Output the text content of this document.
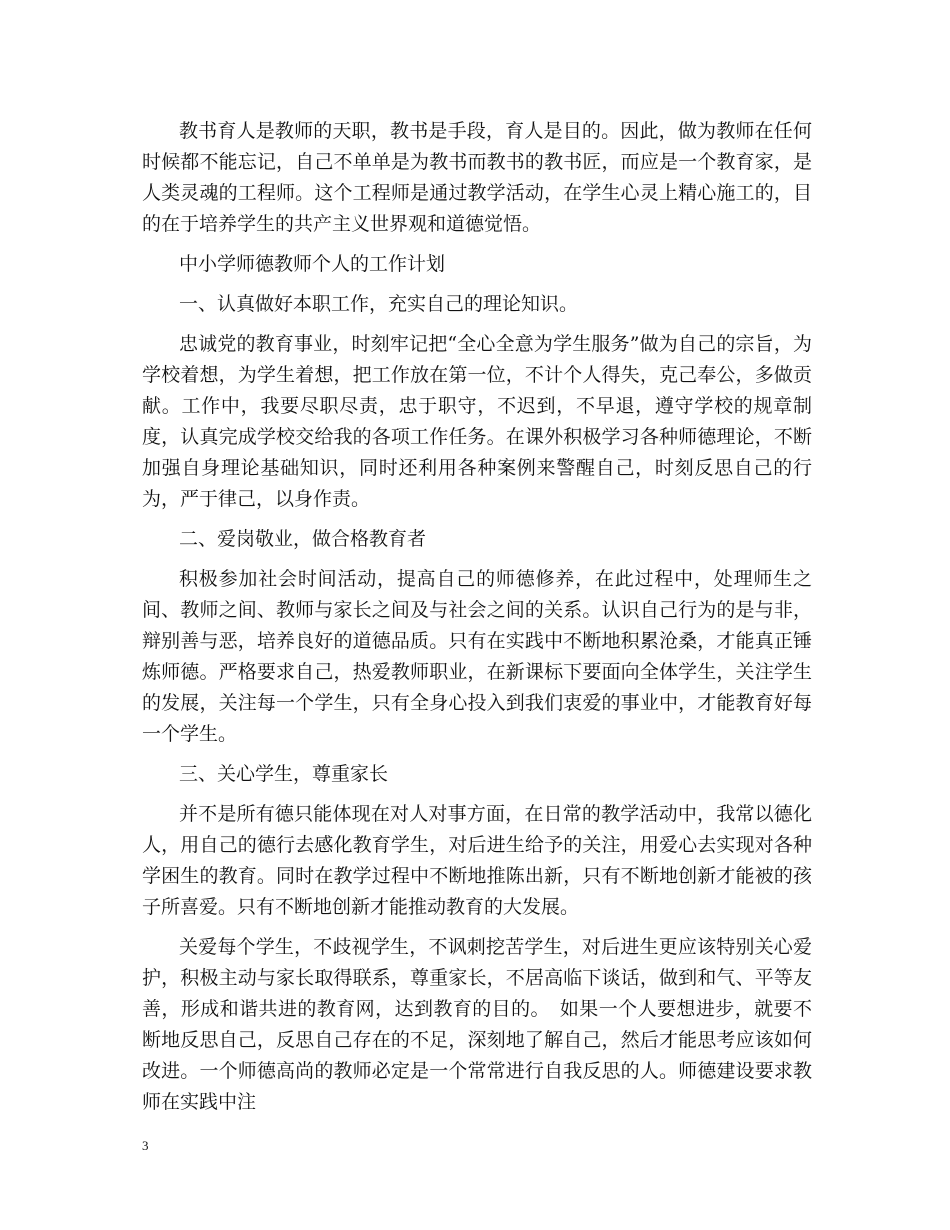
教书育人是教师的天职，教书是手段，育人是目的。因此，做为教师在任何时候都不能忘记，自己不单单是为教书而教书的教书匠，而应是一个教育家，是人类灵魂的工程师。这个工程师是通过教学活动，在学生心灵上精心施工的，目的在于培养学生的共产主义世界观和道德觉悟。

中小学师德教师个人的工作计划

一、认真做好本职工作，充实自己的理论知识。

忠诚党的教育事业，时刻牢记把“全心全意为学生服务”做为自己的宗旨，为学校着想，为学生着想，把工作放在第一位，不计个人得失，克己奉公，多做贡献。工作中，我要尽职尽责，忠于职守，不迟到，不早退，遵守学校的规章制度，认真完成学校交给我的各项工作任务。在课外积极学习各种师德理论，不断加强自身理论基础知识，同时还利用各种案例来警醒自己，时刻反思自己的行为，严于律己，以身作责。

二、爱岗敬业，做合格教育者

积极参加社会时间活动，提高自己的师德修养，在此过程中，处理师生之间、教师之间、教师与家长之间及与社会之间的关系。认识自己行为的是与非，辩别善与恶，培养良好的道德品质。只有在实践中不断地积累沧桑，才能真正锤炼师德。严格要求自己，热爱教师职业，在新课标下要面向全体学生，关注学生的发展，关注每一个学生，只有全身心投入到我们衷爱的事业中，才能教育好每一个学生。

三、关心学生，尊重家长

并不是所有德只能体现在对人对事方面，在日常的教学活动中，我常以德化人，用自己的德行去感化教育学生，对后进生给予的关注，用爱心去实现对各种学困生的教育。同时在教学过程中不断地推陈出新，只有不断地创新才能被的孩子所喜爱。只有不断地创新才能推动教育的大发展。

关爱每个学生，不歧视学生，不讽刺挖苦学生，对后进生更应该特别关心爱护，积极主动与家长取得联系，尊重家长，不居高临下谈话，做到和气、平等友善，形成和谐共进的教育网，达到教育的目的。　如果一个人要想进步，就要不断地反思自己，反思自己存在的不足，深刻地了解自己，然后才能思考应该如何改进。一个师德高尚的教师必定是一个常常进行自我反思的人。师德建设要求教师在实践中注

3
